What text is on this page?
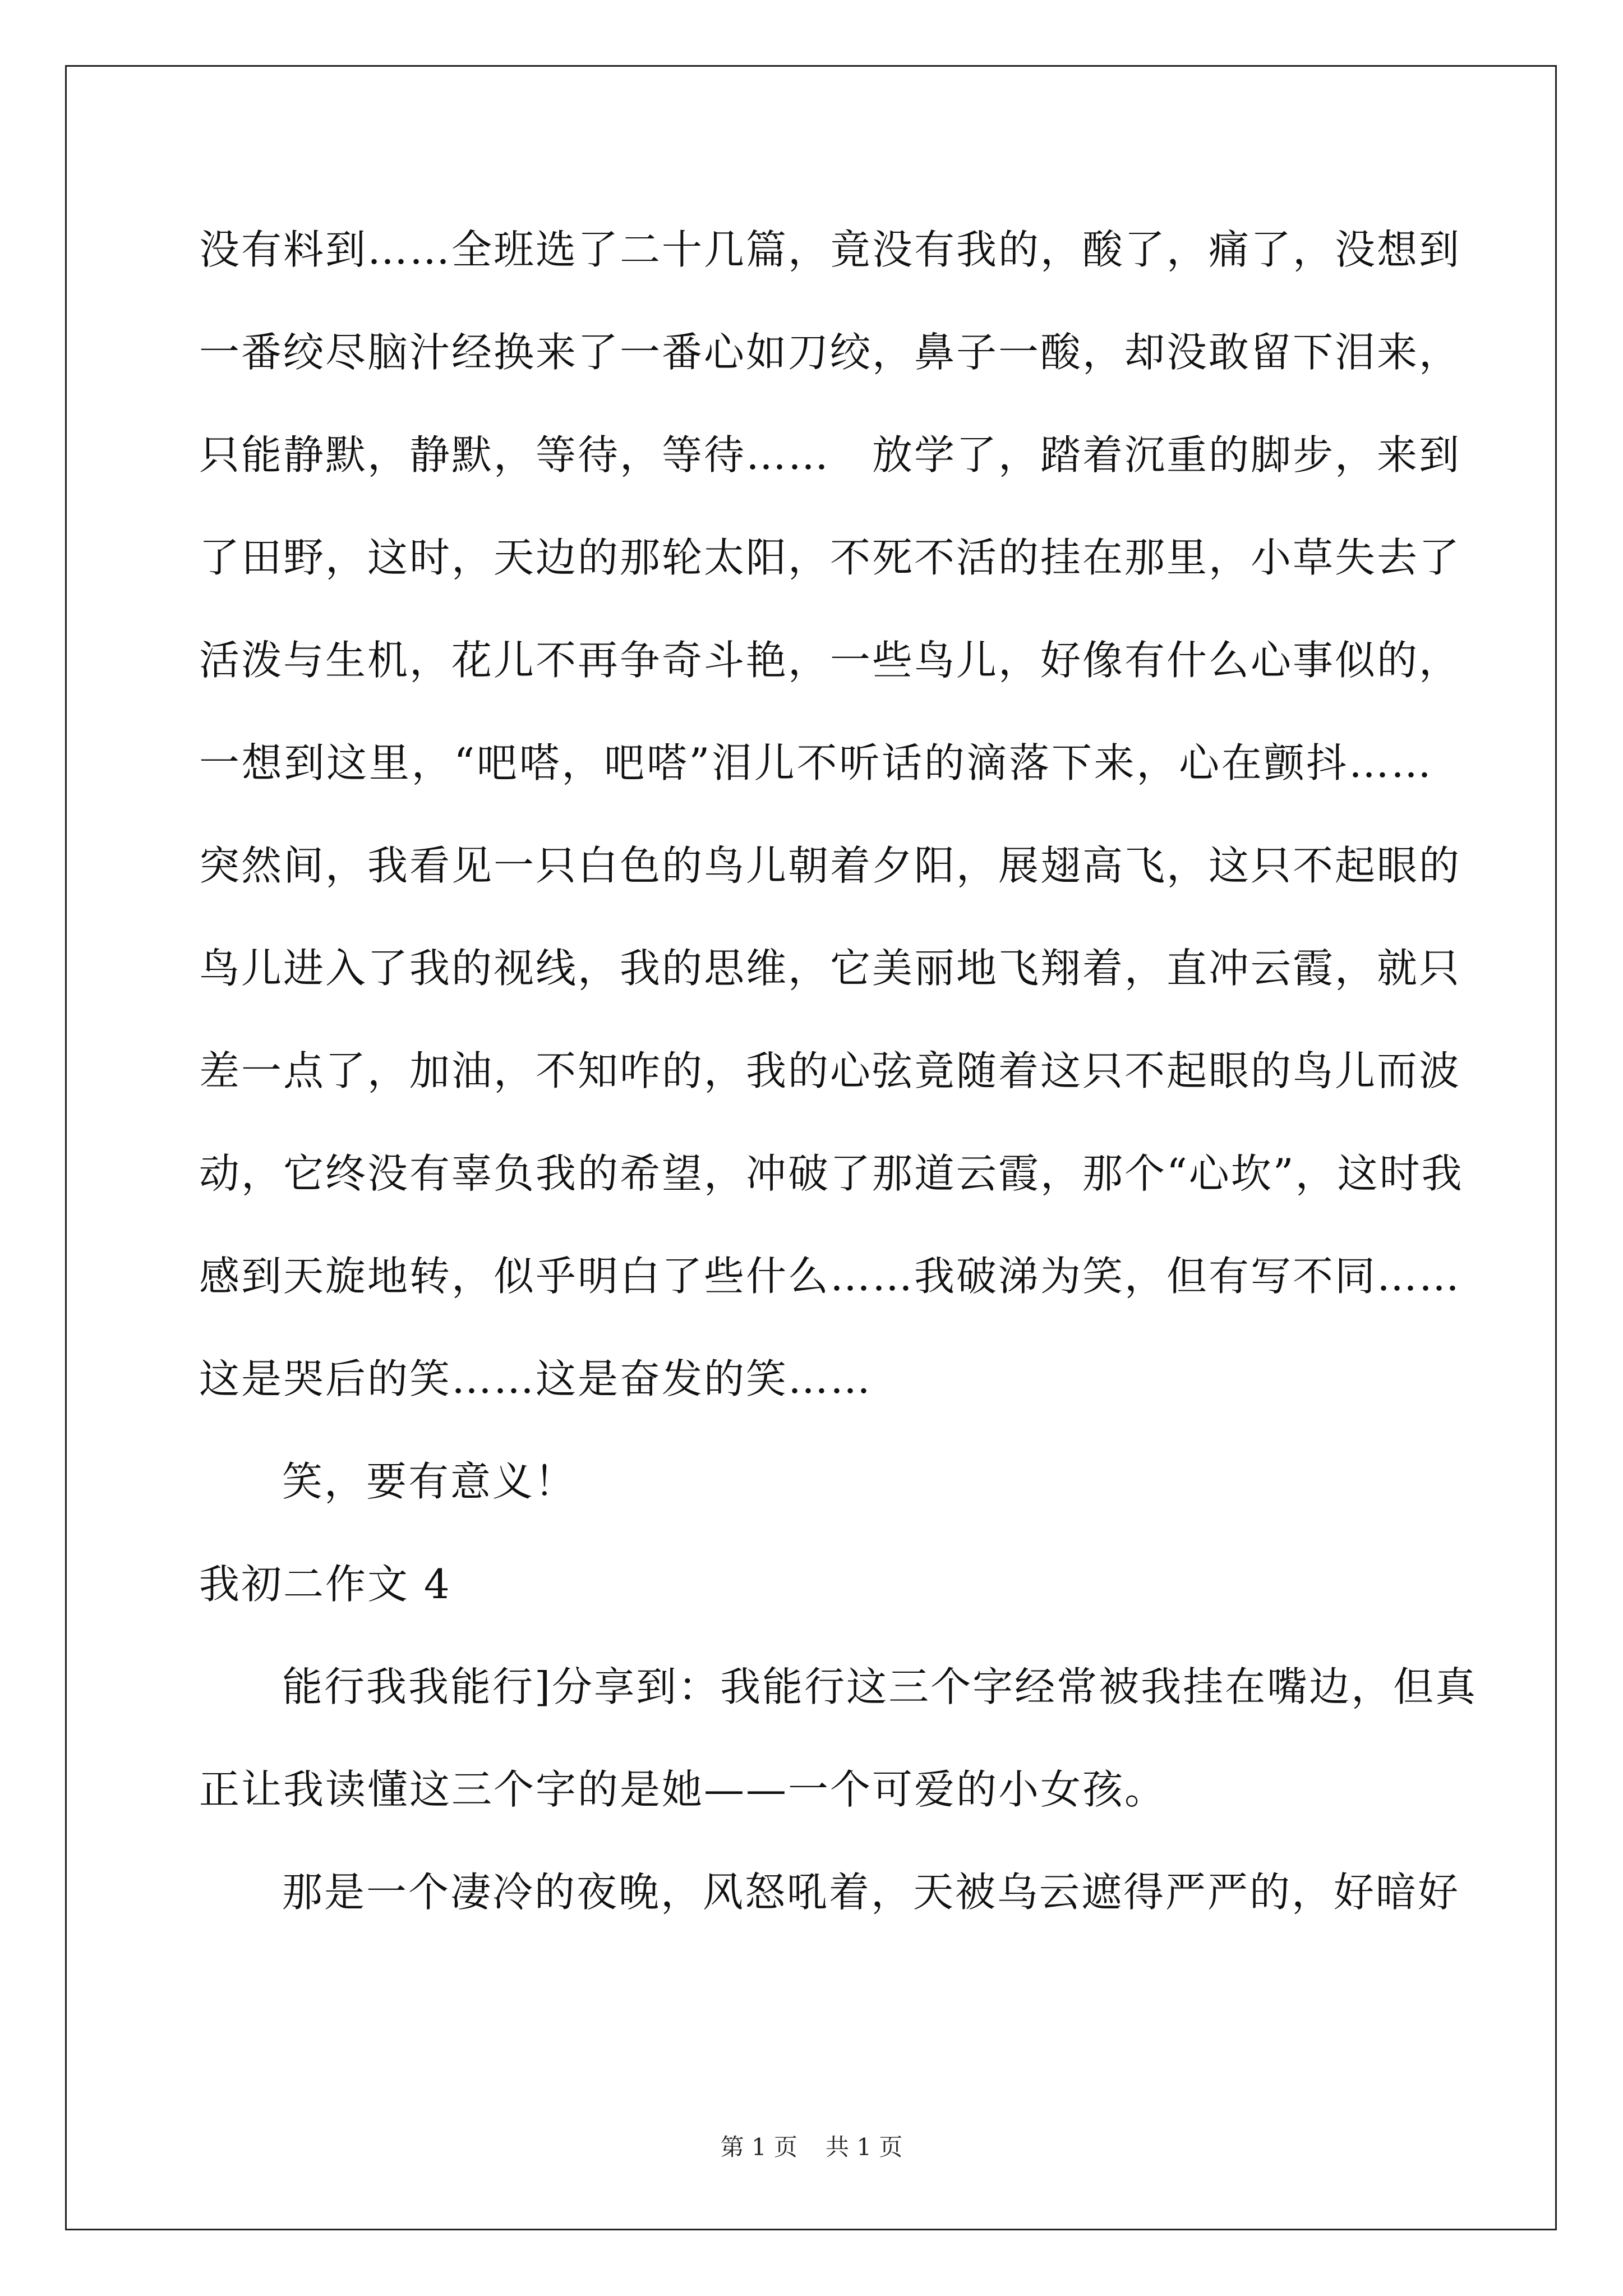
没有料到……全班选了二十几篇，竟没有我的，酸了，痛了，没想到
一番绞尽脑汁经换来了一番心如刀绞，鼻子一酸，却没敢留下泪来，
只能静默，静默，等待，等待……　放学了，踏着沉重的脚步，来到
了田野，这时，天边的那轮太阳，不死不活的挂在那里，小草失去了
活泼与生机，花儿不再争奇斗艳，一些鸟儿，好像有什么心事似的，
一想到这里，“吧嗒，吧嗒”泪儿不听话的滴落下来，心在颤抖……
突然间，我看见一只白色的鸟儿朝着夕阳，展翅高飞，这只不起眼的
鸟儿进入了我的视线，我的思维，它美丽地飞翔着，直冲云霞，就只
差一点了，加油，不知咋的，我的心弦竟随着这只不起眼的鸟儿而波
动，它终没有辜负我的希望，冲破了那道云霞，那个“心坎”，这时我
感到天旋地转，似乎明白了些什么……我破涕为笑，但有写不同……
这是哭后的笑……这是奋发的笑……
笑，要有意义！
我初二作文 4
能行我我能行]分享到：我能行这三个字经常被我挂在嘴边，但真
正让我读懂这三个字的是她——一个可爱的小女孩。
那是一个凄冷的夜晚，风怒吼着，天被乌云遮得严严的，好暗好
第 1 页 共 1 页
